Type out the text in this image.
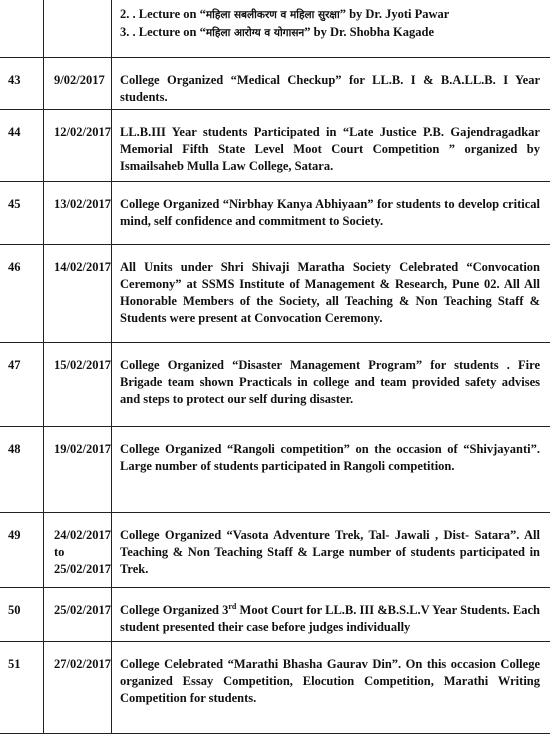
		2. . Lecture on “महिला सबलीकरण व महिला सुरक्षा” by Dr. Jyoti Pawar
3. . Lecture on “महिला आरोग्य व योगासन” by Dr. Shobha Kagade

43	9/02/2017	College Organized “Medical Checkup” for LL.B. I & B.A.LL.B. I Year students.
44	12/02/2017	LL.B.III Year students Participated in “Late Justice P.B. Gajendragadkar Memorial Fifth State Level Moot Court Competition ” organized by Ismailsaheb Mulla Law College, Satara.
45	13/02/2017	College Organized “Nirbhay Kanya Abhiyaan” for students to develop critical mind, self confidence and commitment to Society.
46	14/02/2017	All Units under Shri Shivaji Maratha Society Celebrated “Convocation Ceremony” at SSMS Institute of Management & Research, Pune 02. All All Honorable Members of the Society, all Teaching & Non Teaching Staff & Students were present at Convocation Ceremony.
47	15/02/2017	College Organized “Disaster Management Program” for students . Fire Brigade team shown Practicals in college and team provided safety advises and steps to protect our self during disaster.
48	19/02/2017	College Organized “Rangoli competition” on the occasion of “Shivjayanti”. Large number of students participated in Rangoli competition.
49	24/02/2017
to
25/02/2017	College Organized “Vasota Adventure Trek, Tal- Jawali , Dist- Satara”. All Teaching & Non Teaching Staff & Large number of students participated in Trek.
50	25/02/2017	College Organized 3rd Moot Court for LL.B. III &B.S.L.V Year Students. Each student presented their case before judges individually
51	27/02/2017	College Celebrated “Marathi Bhasha Gaurav Din”. On this occasion College organized Essay Competition, Elocution Competition, Marathi Writing Competition for students.
